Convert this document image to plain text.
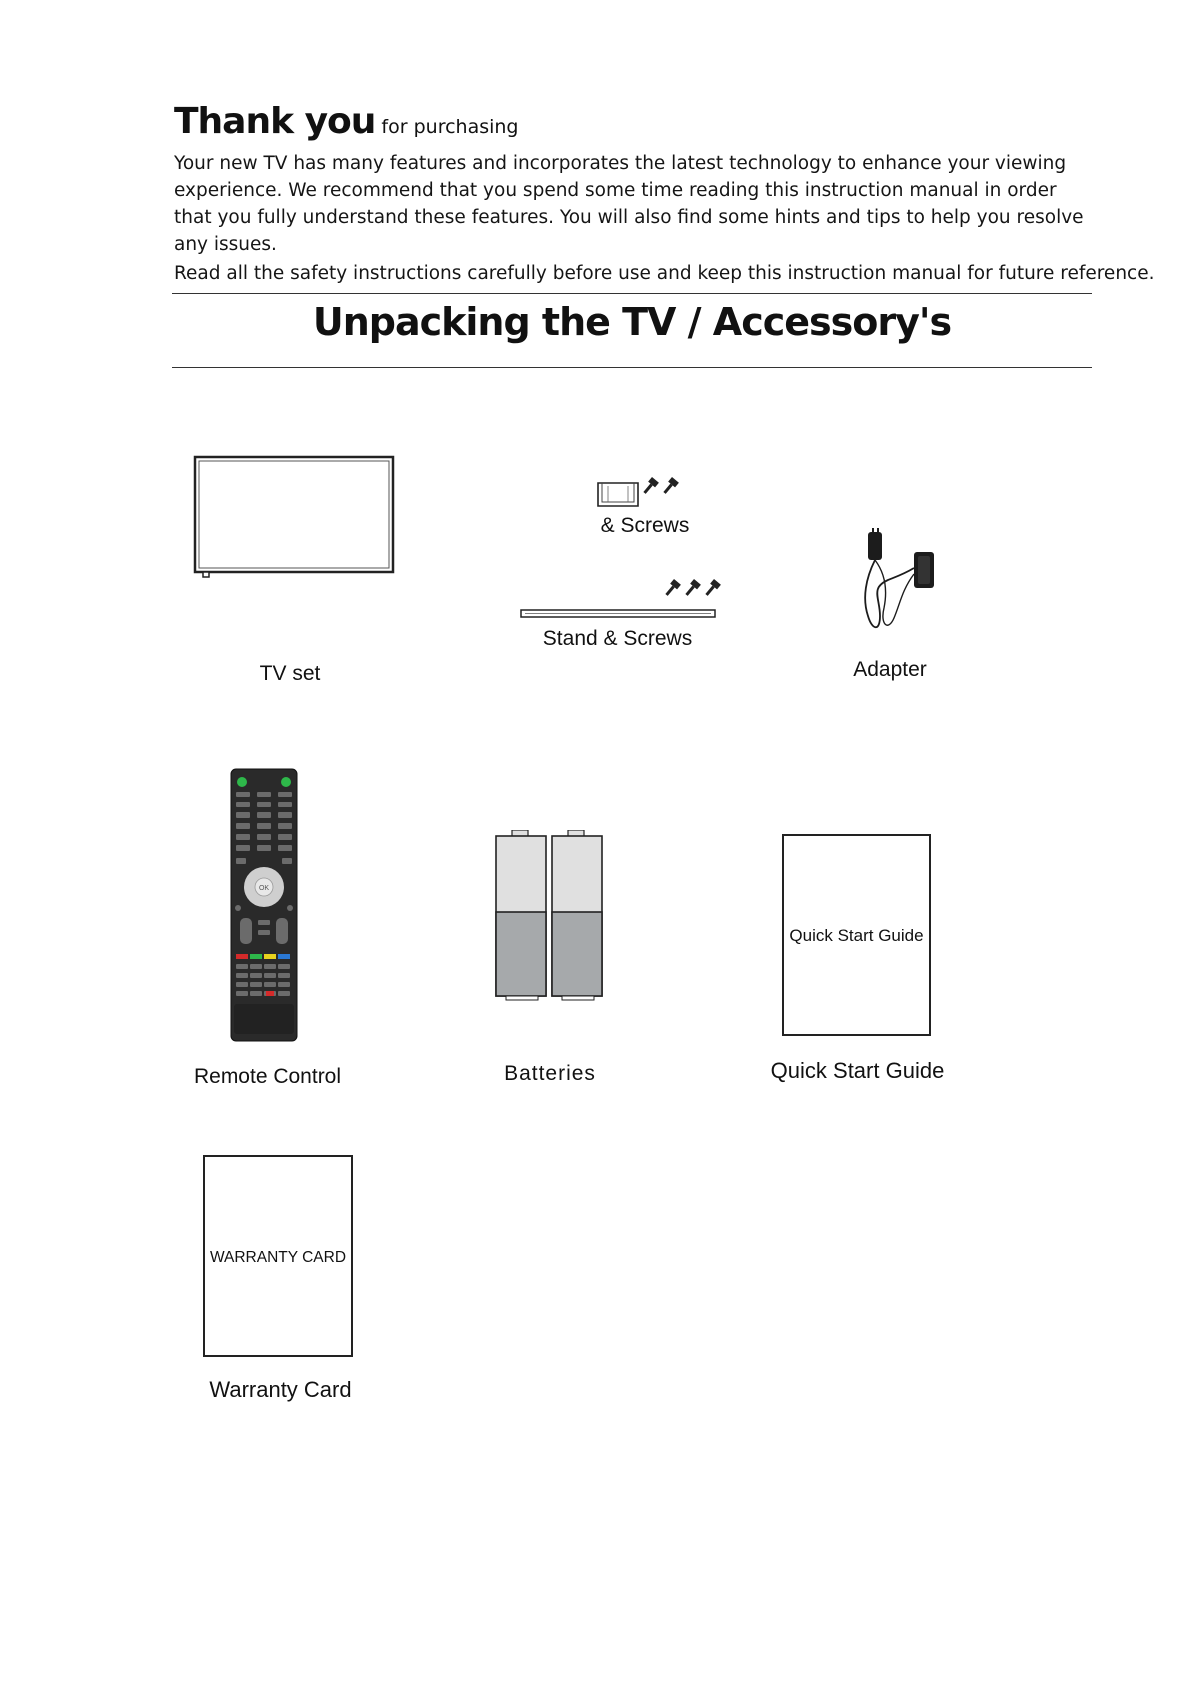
Thank you for purchasing

Your new TV has many features and incorporates the latest technology to enhance your viewing experience. We recommend that you spend some time reading this instruction manual in order that you fully understand these features. You will also find some hints and tips to help you resolve any issues.

Read all the safety instructions carefully before use and keep this instruction manual for future reference.

Unpacking the TV / Accessory's
TV set
& Screws
Stand & Screws
Adapter
OK
Remote Control	Batteries
Quick Start Guide
Quick Start Guide
WARRANTY CARD
Warranty Card
